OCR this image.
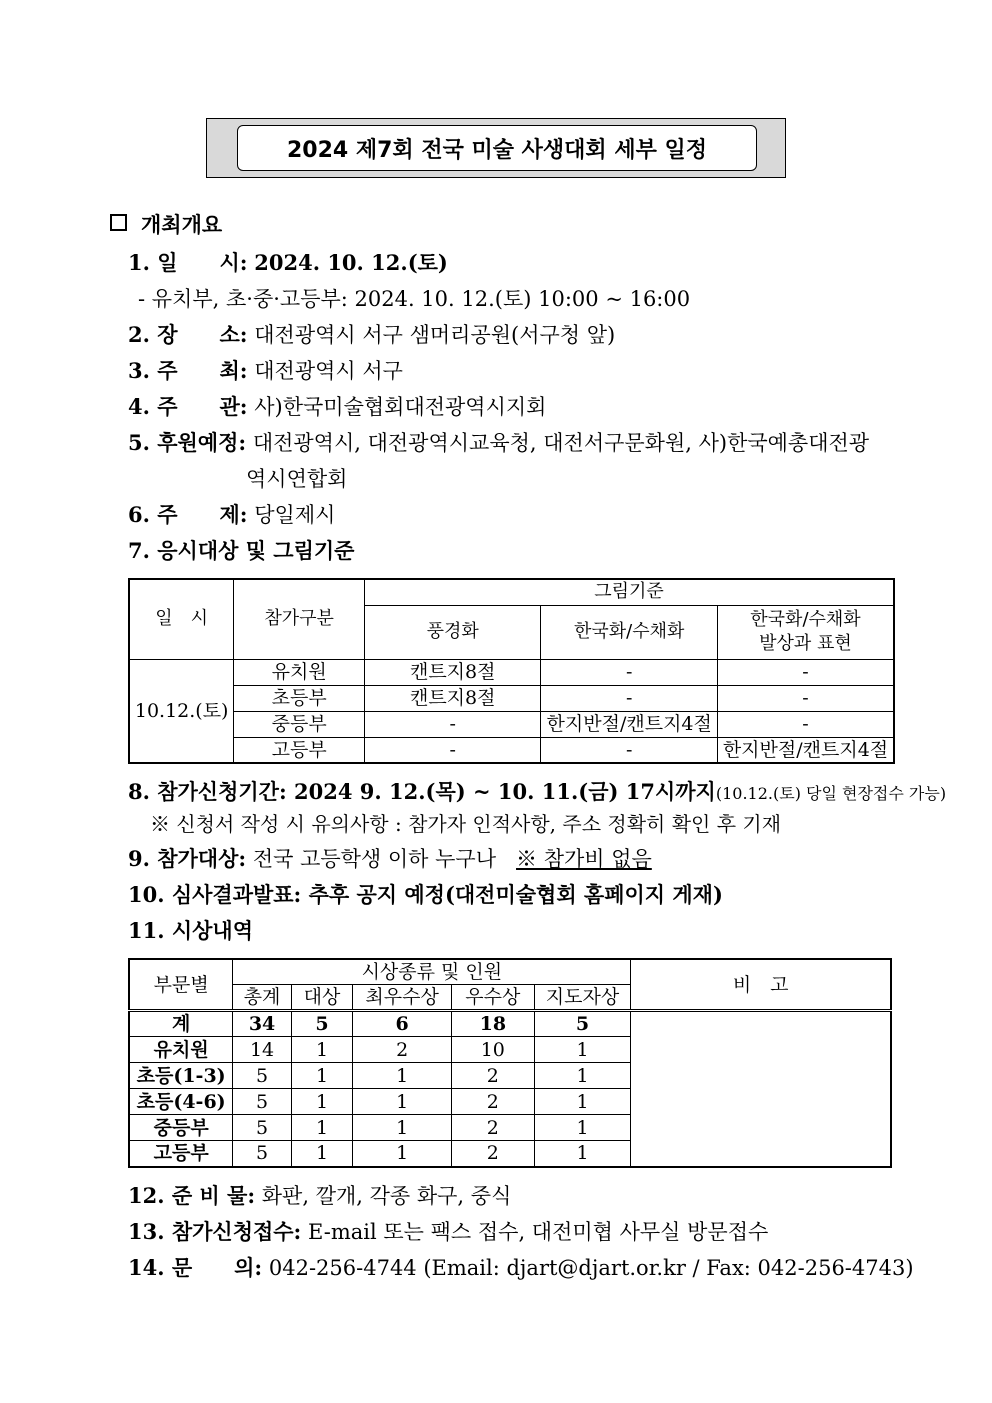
2024 제7회 전국 미술 사생대회 세부 일정
개최개요
1. 일　　시: 2024. 10. 12.(토)
- 유치부, 초·중·고등부: 2024. 10. 12.(토) 10:00 ~ 16:00
2. 장　　소: 대전광역시 서구 샘머리공원(서구청 앞)
3. 주　　최: 대전광역시 서구
4. 주　　관: 사)한국미술협회대전광역시지회
5. 후원예정: 대전광역시, 대전광역시교육청, 대전서구문화원, 사)한국예총대전광
역시연합회
6. 주　　제: 당일제시
7. 응시대상 및 그림기준
일　시	참가구분	그림기준		
		풍경화	한국화/수채화	한국화/수채화
발상과 표현
10.12.(토)	유치원	캔트지8절	-	-
	초등부	캔트지8절	-	-
	중등부	-	한지반절/캔트지4절	-
	고등부	-	-	한지반절/캔트지4절
8. 참가신청기간: 2024 9. 12.(목) ~ 10. 11.(금) 17시까지(10.12.(토) 당일 현장접수 가능)
※ 신청서 작성 시 유의사항 : 참가자 인적사항, 주소 정확히 확인 후 기재
9. 참가대상: 전국 고등학생 이하 누구나 ※ 참가비 없음
10. 심사결과발표: 추후 공지 예정(대전미술협회 홈페이지 게재)
11. 시상내역
부문별	시상종류 및 인원					비　고
	총계	대상	최우수상	우수상	지도자상	
계	34	5	6	18	5	
유치원	14	1	2	10	1	
초등(1-3)	5	1	1	2	1	
초등(4-6)	5	1	1	2	1	
중등부	5	1	1	2	1	
고등부	5	1	1	2	1	
12. 준 비 물: 화판, 깔개, 각종 화구, 중식
13. 참가신청접수: E-mail 또는 팩스 접수, 대전미협 사무실 방문접수
14. 문　　의: 042-256-4744 (Email: djart@djart.or.kr / Fax: 042-256-4743)
